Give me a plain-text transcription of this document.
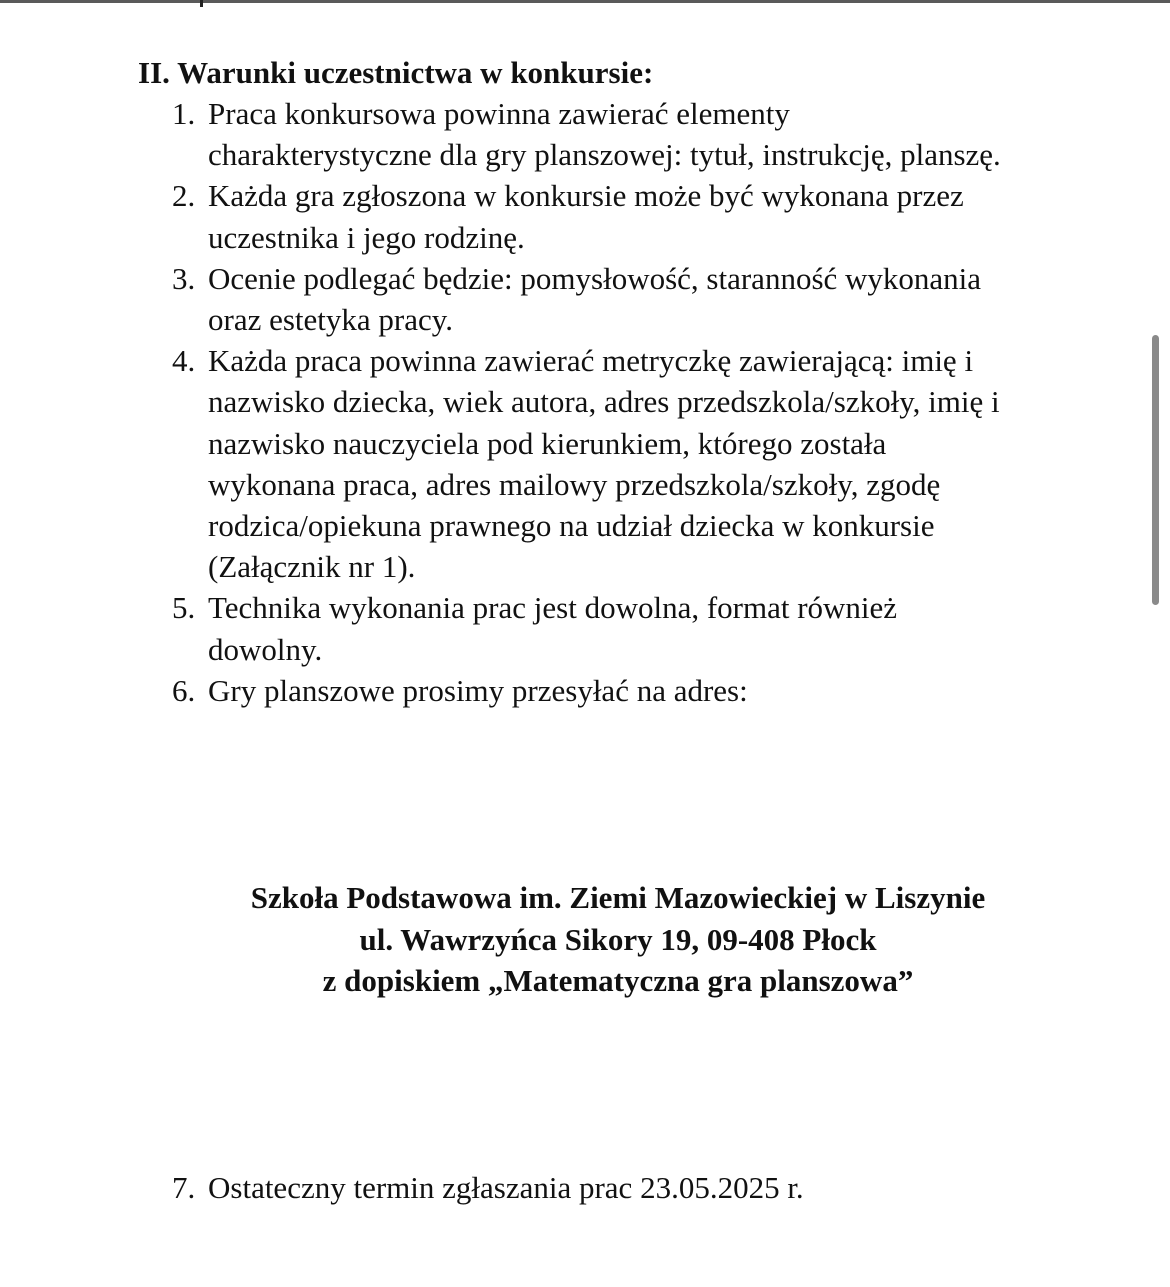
II. Warunki uczestnictwa w konkursie:
1. Praca konkursowa powinna zawierać elementy charakterystyczne dla gry planszowej: tytuł, instrukcję, planszę.
2. Każda gra zgłoszona w konkursie może być wykonana przez uczestnika i jego rodzinę.
3. Ocenie podlegać będzie: pomysłowość, staranność wykonania oraz estetyka pracy.
4. Każda praca powinna zawierać metryczkę zawierającą: imię i nazwisko dziecka, wiek autora, adres przedszkola/szkoły, imię i nazwisko nauczyciela pod kierunkiem, którego została wykonana praca, adres mailowy przedszkola/szkoły, zgodę rodzica/opiekuna prawnego na udział dziecka w konkursie (Załącznik nr 1).
5. Technika wykonania prac jest dowolna, format również dowolny.
6. Gry planszowe prosimy przesyłać na adres:
Szkoła Podstawowa im. Ziemi Mazowieckiej w Liszynie
ul. Wawrzyńca Sikory 19, 09-408 Płock
z dopiskiem „Matematyczna gra planszowa”
7. Ostateczny termin zgłaszania prac 23.05.2025 r.
